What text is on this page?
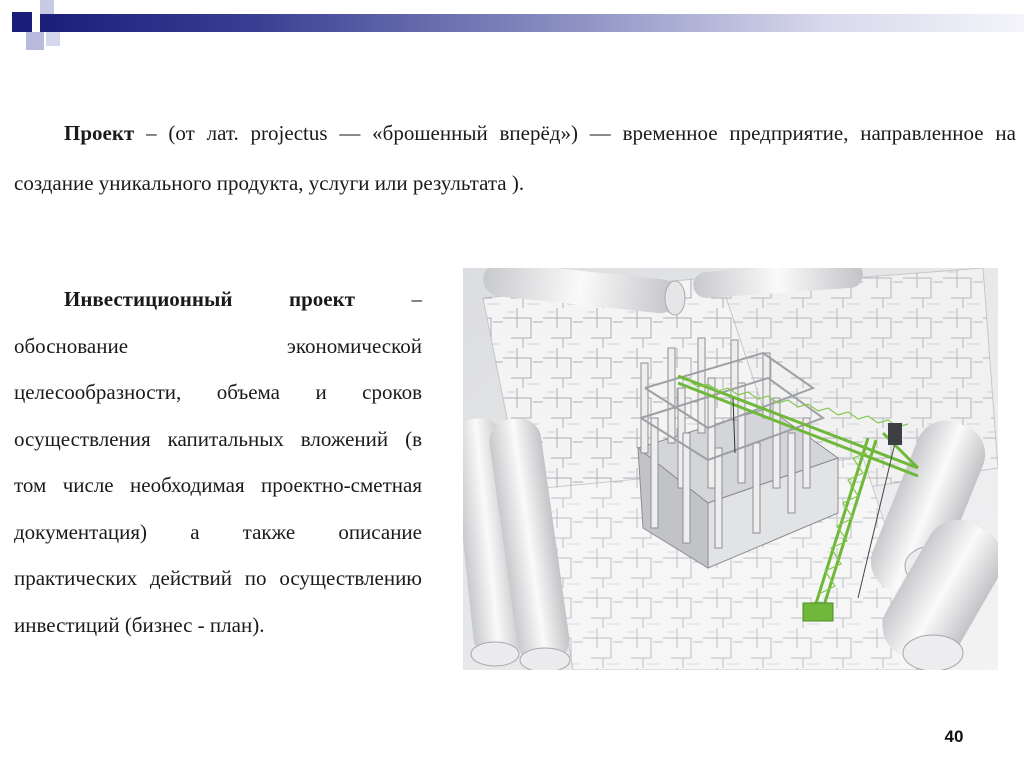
Проект – (от лат. projectus — «брошенный вперёд») — временное предприятие, направленное на создание уникального продукта, услуги или результата ).
Инвестиционный проект – обоснование экономической целесообразности, объема и сроков осуществления капитальных вложений (в том числе необходимая проектно-сметная документация) а также описание практических действий по осуществлению инвестиций (бизнес - план).
40
